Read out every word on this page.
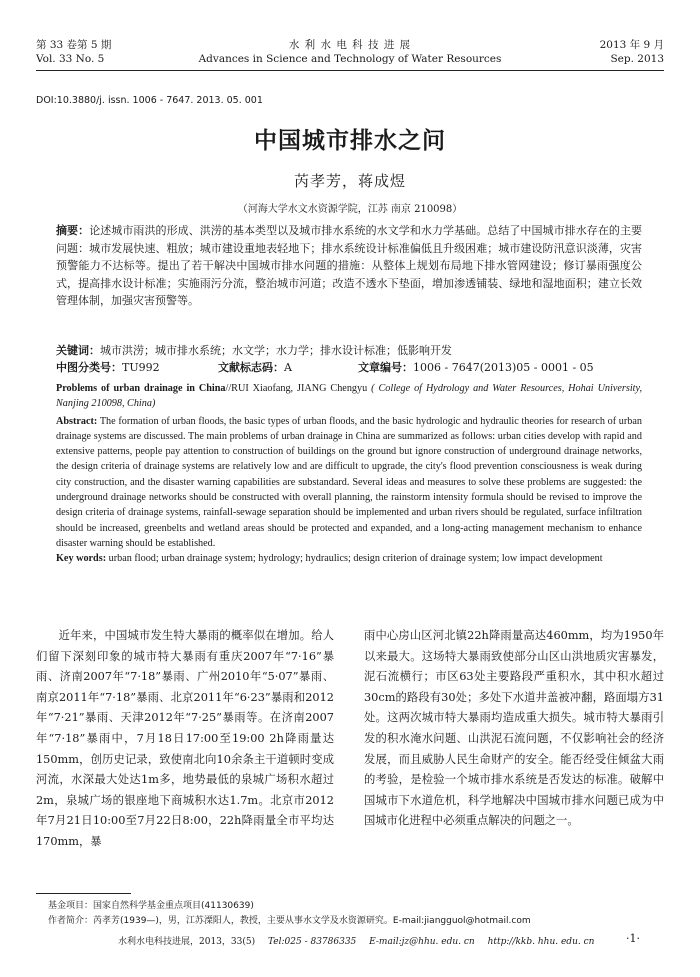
第 33 卷第 5 期
Vol. 33 No. 5
水 利 水 电 科 技 进 展
Advances in Science and Technology of Water Resources
2013 年 9 月
Sep. 2013
DOI:10.3880/j. issn. 1006 - 7647. 2013. 05. 001
中国城市排水之问
芮孝芳，蒋成煜
（河海大学水文水资源学院，江苏 南京 210098）
摘要：论述城市雨洪的形成、洪涝的基本类型以及城市排水系统的水文学和水力学基础。总结了中国城市排水存在的主要问题：城市发展快速、粗放；城市建设重地表轻地下；排水系统设计标准偏低且升级困难；城市建设防汛意识淡薄，灾害预警能力不达标等。提出了若干解决中国城市排水问题的措施：从整体上规划布局地下排水管网建设；修订暴雨强度公式，提高排水设计标准；实施雨污分流，整治城市河道；改造不透水下垫面，增加渗透铺装、绿地和湿地面积；建立长效管理体制，加强灾害预警等。
关键词：城市洪涝；城市排水系统；水文学；水力学；排水设计标准；低影响开发
中图分类号：TU992	文献标志码：A	文章编号：1006 - 7647(2013)05 - 0001 - 05

Problems of urban drainage in China//RUI Xiaofang, JIANG Chengyu ( College of Hydrology and Water Resources, Hohai University, Nanjing 210098, China)

Abstract: The formation of urban floods, the basic types of urban floods, and the basic hydrologic and hydraulic theories for research of urban drainage systems are discussed. The main problems of urban drainage in China are summarized as follows: urban cities develop with rapid and extensive patterns, people pay attention to construction of buildings on the ground but ignore construction of underground drainage networks, the design criteria of drainage systems are relatively low and are difficult to upgrade, the city's flood prevention consciousness is weak during city construction, and the disaster warning capabilities are substandard. Several ideas and measures to solve these problems are suggested: the underground drainage networks should be constructed with overall planning, the rainstorm intensity formula should be revised to improve the design criteria of drainage systems, rainfall-sewage separation should be implemented and urban rivers should be regulated, surface infiltration should be increased, greenbelts and wetland areas should be protected and expanded, and a long-acting management mechanism to enhance disaster warning should be established.

Key words: urban flood; urban drainage system; hydrology; hydraulics; design criterion of drainage system; low impact development

近年来，中国城市发生特大暴雨的概率似在增加。给人们留下深刻印象的城市特大暴雨有重庆2007年“7·16”暴雨、济南2007年“7·18”暴雨、广州2010年“5·07”暴雨、南京2011年“7·18”暴雨、北京2011年“6·23”暴雨和2012年“7·21”暴雨、天津2012年“7·25”暴雨等。在济南2007年“7·18”暴雨中，7月18日17:00至19:00 2h降雨量达150mm，创历史记录，致使南北向10余条主干道顿时变成河流，水深最大处达1m多，地势最低的泉城广场积水超过2m，泉城广场的银座地下商城积水达1.7m。北京市2012年7月21日10:00至7月22日8:00，22h降雨量全市平均达170mm，暴
雨中心房山区河北镇22h降雨量高达460mm，均为1950年以来最大。这场特大暴雨致使部分山区山洪地质灾害暴发，泥石流横行；市区63处主要路段严重积水，其中积水超过30cm的路段有30处；多处下水道井盖被冲翻，路面塌方31处。这两次城市特大暴雨均造成重大损失。城市特大暴雨引发的积水淹水问题、山洪泥石流问题，不仅影响社会的经济发展，而且威胁人民生命财产的安全。能否经受住倾盆大雨的考验，是检验一个城市排水系统是否发达的标准。破解中国城市下水道危机，科学地解决中国城市排水问题已成为中国城市化进程中必须重点解决的问题之一。
基金项目：国家自然科学基金重点项目(41130639)
作者简介：芮孝芳(1939—)，男，江苏溧阳人，教授，主要从事水文学及水资源研究。E-mail:jiangguol@hotmail.com
水利水电科技进展，2013，33(5) Tel:025 - 83786335 E-mail:jz@hhu. edu. cn http://kkb. hhu. edu. cn	·1·
